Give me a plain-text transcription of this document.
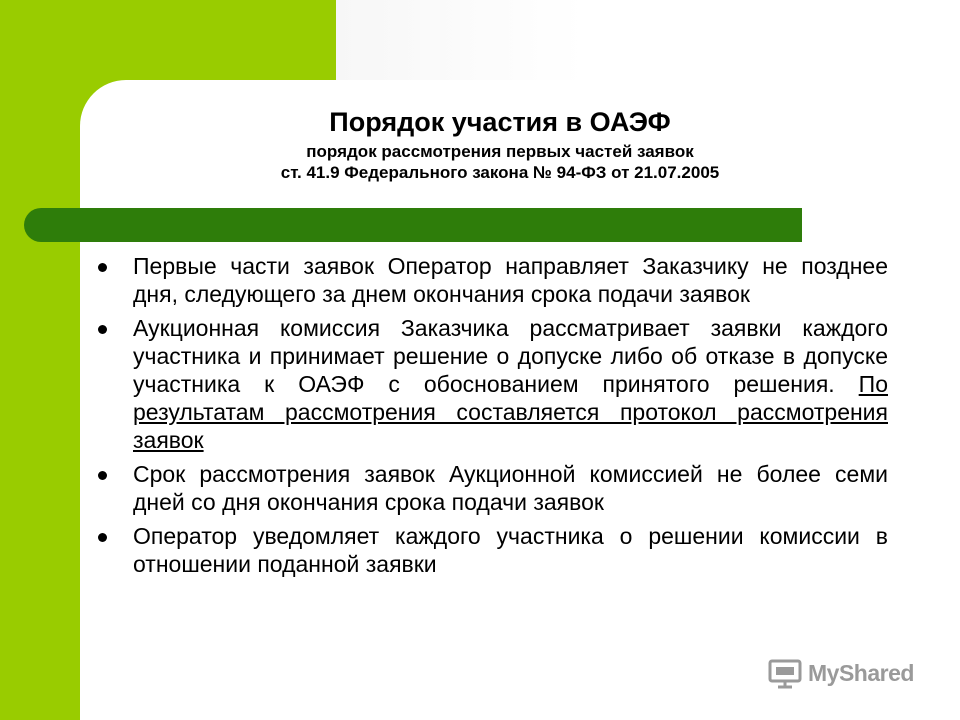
Порядок участия в ОАЭФ
порядок рассмотрения первых частей заявок
ст. 41.9 Федерального закона № 94-ФЗ от 21.07.2005
Первые части заявок Оператор направляет Заказчику не позднее дня, следующего за днем окончания срока подачи заявок
Аукционная комиссия Заказчика рассматривает заявки каждого участника и принимает решение о допуске либо об отказе в допуске участника к ОАЭФ с обоснованием принятого решения. По результатам рассмотрения составляется протокол рассмотрения заявок
Срок рассмотрения заявок Аукционной комиссией не более семи дней со дня окончания срока подачи заявок
Оператор уведомляет каждого участника о решении комиссии в отношении поданной заявки
MyShared
